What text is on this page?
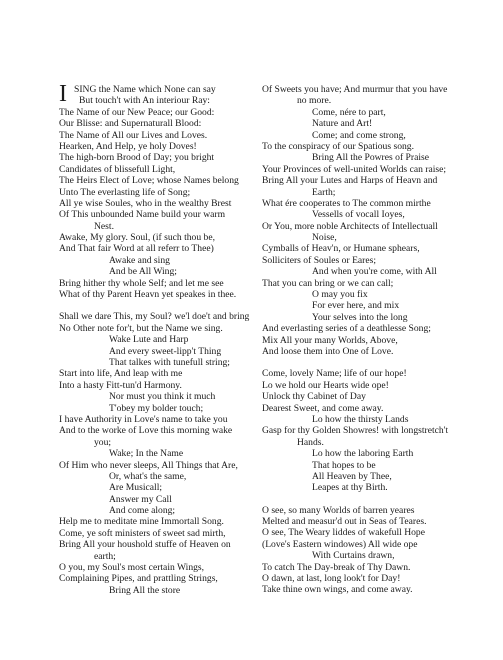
I SING the Name which None can say
But touch't with An interiour Ray:
The Name of our New Peace; our Good:
Our Blisse: and Supernaturall Blood:
The Name of All our Lives and Loves.
Hearken, And Help, ye holy Doves!
The high-born Brood of Day; you bright
Candidates of blissefull Light,
The Heirs Elect of Love; whose Names belong
Unto The everlasting life of Song;
All ye wise Soules, who in the wealthy Brest
Of This unbounded Name build your warm
Nest.
Awake, My glory. Soul, (if such thou be,
And That fair Word at all referr to Thee)
Awake and sing
And be All Wing;
Bring hither thy whole Self; and let me see
What of thy Parent Heavn yet speakes in thee.
Shall we dare This, my Soul? we'l doe't and bring
No Other note for't, but the Name we sing.
Wake Lute and Harp
And every sweet-lipp't Thing
That talkes with tunefull string;
Start into life, And leap with me
Into a hasty Fitt-tun'd Harmony.
Nor must you think it much
T'obey my bolder touch;
I have Authority in Love's name to take you
And to the worke of Love this morning wake
you;
Wake; In the Name
Of Him who never sleeps, All Things that Are,
Or, what's the same,
Are Musicall;
Answer my Call
And come along;
Help me to meditate mine Immortall Song.
Come, ye soft ministers of sweet sad mirth,
Bring All your houshold stuffe of Heaven on
earth;
O you, my Soul's most certain Wings,
Complaining Pipes, and prattling Strings,
Bring All the store
Of Sweets you have; And murmur that you have
no more.
Come, nére to part,
Nature and Art!
Come; and come strong,
To the conspiracy of our Spatious song.
Bring All the Powres of Praise
Your Provinces of well-united Worlds can raise;
Bring All your Lutes and Harps of Heavn and
Earth;
What ére cooperates to The common mirthe
Vessells of vocall Ioyes,
Or You, more noble Architects of Intellectuall
Noise,
Cymballs of Heav'n, or Humane sphears,
Solliciters of Soules or Eares;
And when you're come, with All
That you can bring or we can call;
O may you fix
For ever here, and mix
Your selves into the long
And everlasting series of a deathlesse Song;
Mix All your many Worlds, Above,
And loose them into One of Love.
Come, lovely Name; life of our hope!
Lo we hold our Hearts wide ope!
Unlock thy Cabinet of Day
Dearest Sweet, and come away.
Lo how the thirsty Lands
Gasp for thy Golden Showres! with longstretch't
Hands.
Lo how the laboring Earth
That hopes to be
All Heaven by Thee,
Leapes at thy Birth.
O see, so many Worlds of barren yeares
Melted and measur'd out in Seas of Teares.
O see, The Weary liddes of wakefull Hope
(Love's Eastern windowes) All wide ope
With Curtains drawn,
To catch The Day-break of Thy Dawn.
O dawn, at last, long look't for Day!
Take thine own wings, and come away.
